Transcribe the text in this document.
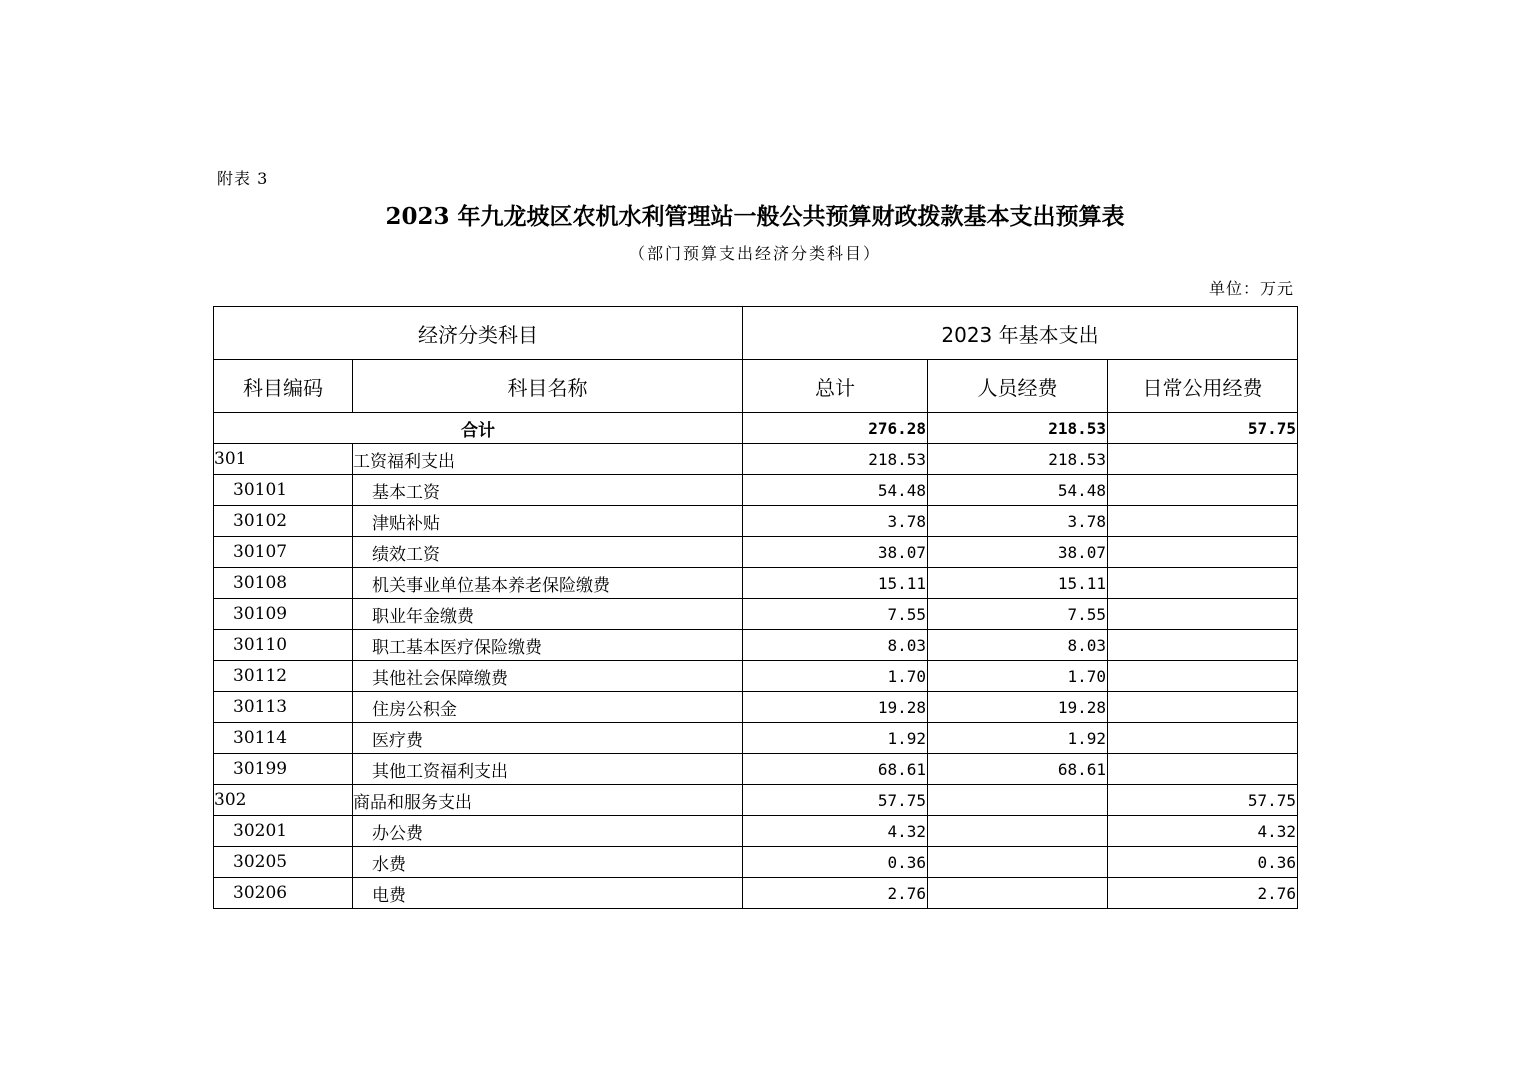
附表 3
2023 年九龙坡区农机水利管理站一般公共预算财政拨款基本支出预算表
（部门预算支出经济分类科目）
单位：万元
经济分类科目		2023 年基本支出		
科目编码	科目名称	总计	人员经费	日常公用经费
合计		276.28	218.53	57.75
301	工资福利支出	218.53	218.53	
30101	基本工资	54.48	54.48	
30102	津贴补贴	3.78	3.78	
30107	绩效工资	38.07	38.07	
30108	机关事业单位基本养老保险缴费	15.11	15.11	
30109	职业年金缴费	7.55	7.55	
30110	职工基本医疗保险缴费	8.03	8.03	
30112	其他社会保障缴费	1.70	1.70	
30113	住房公积金	19.28	19.28	
30114	医疗费	1.92	1.92	
30199	其他工资福利支出	68.61	68.61	
302	商品和服务支出	57.75		57.75
30201	办公费	4.32		4.32
30205	水费	0.36		0.36
30206	电费	2.76		2.76
